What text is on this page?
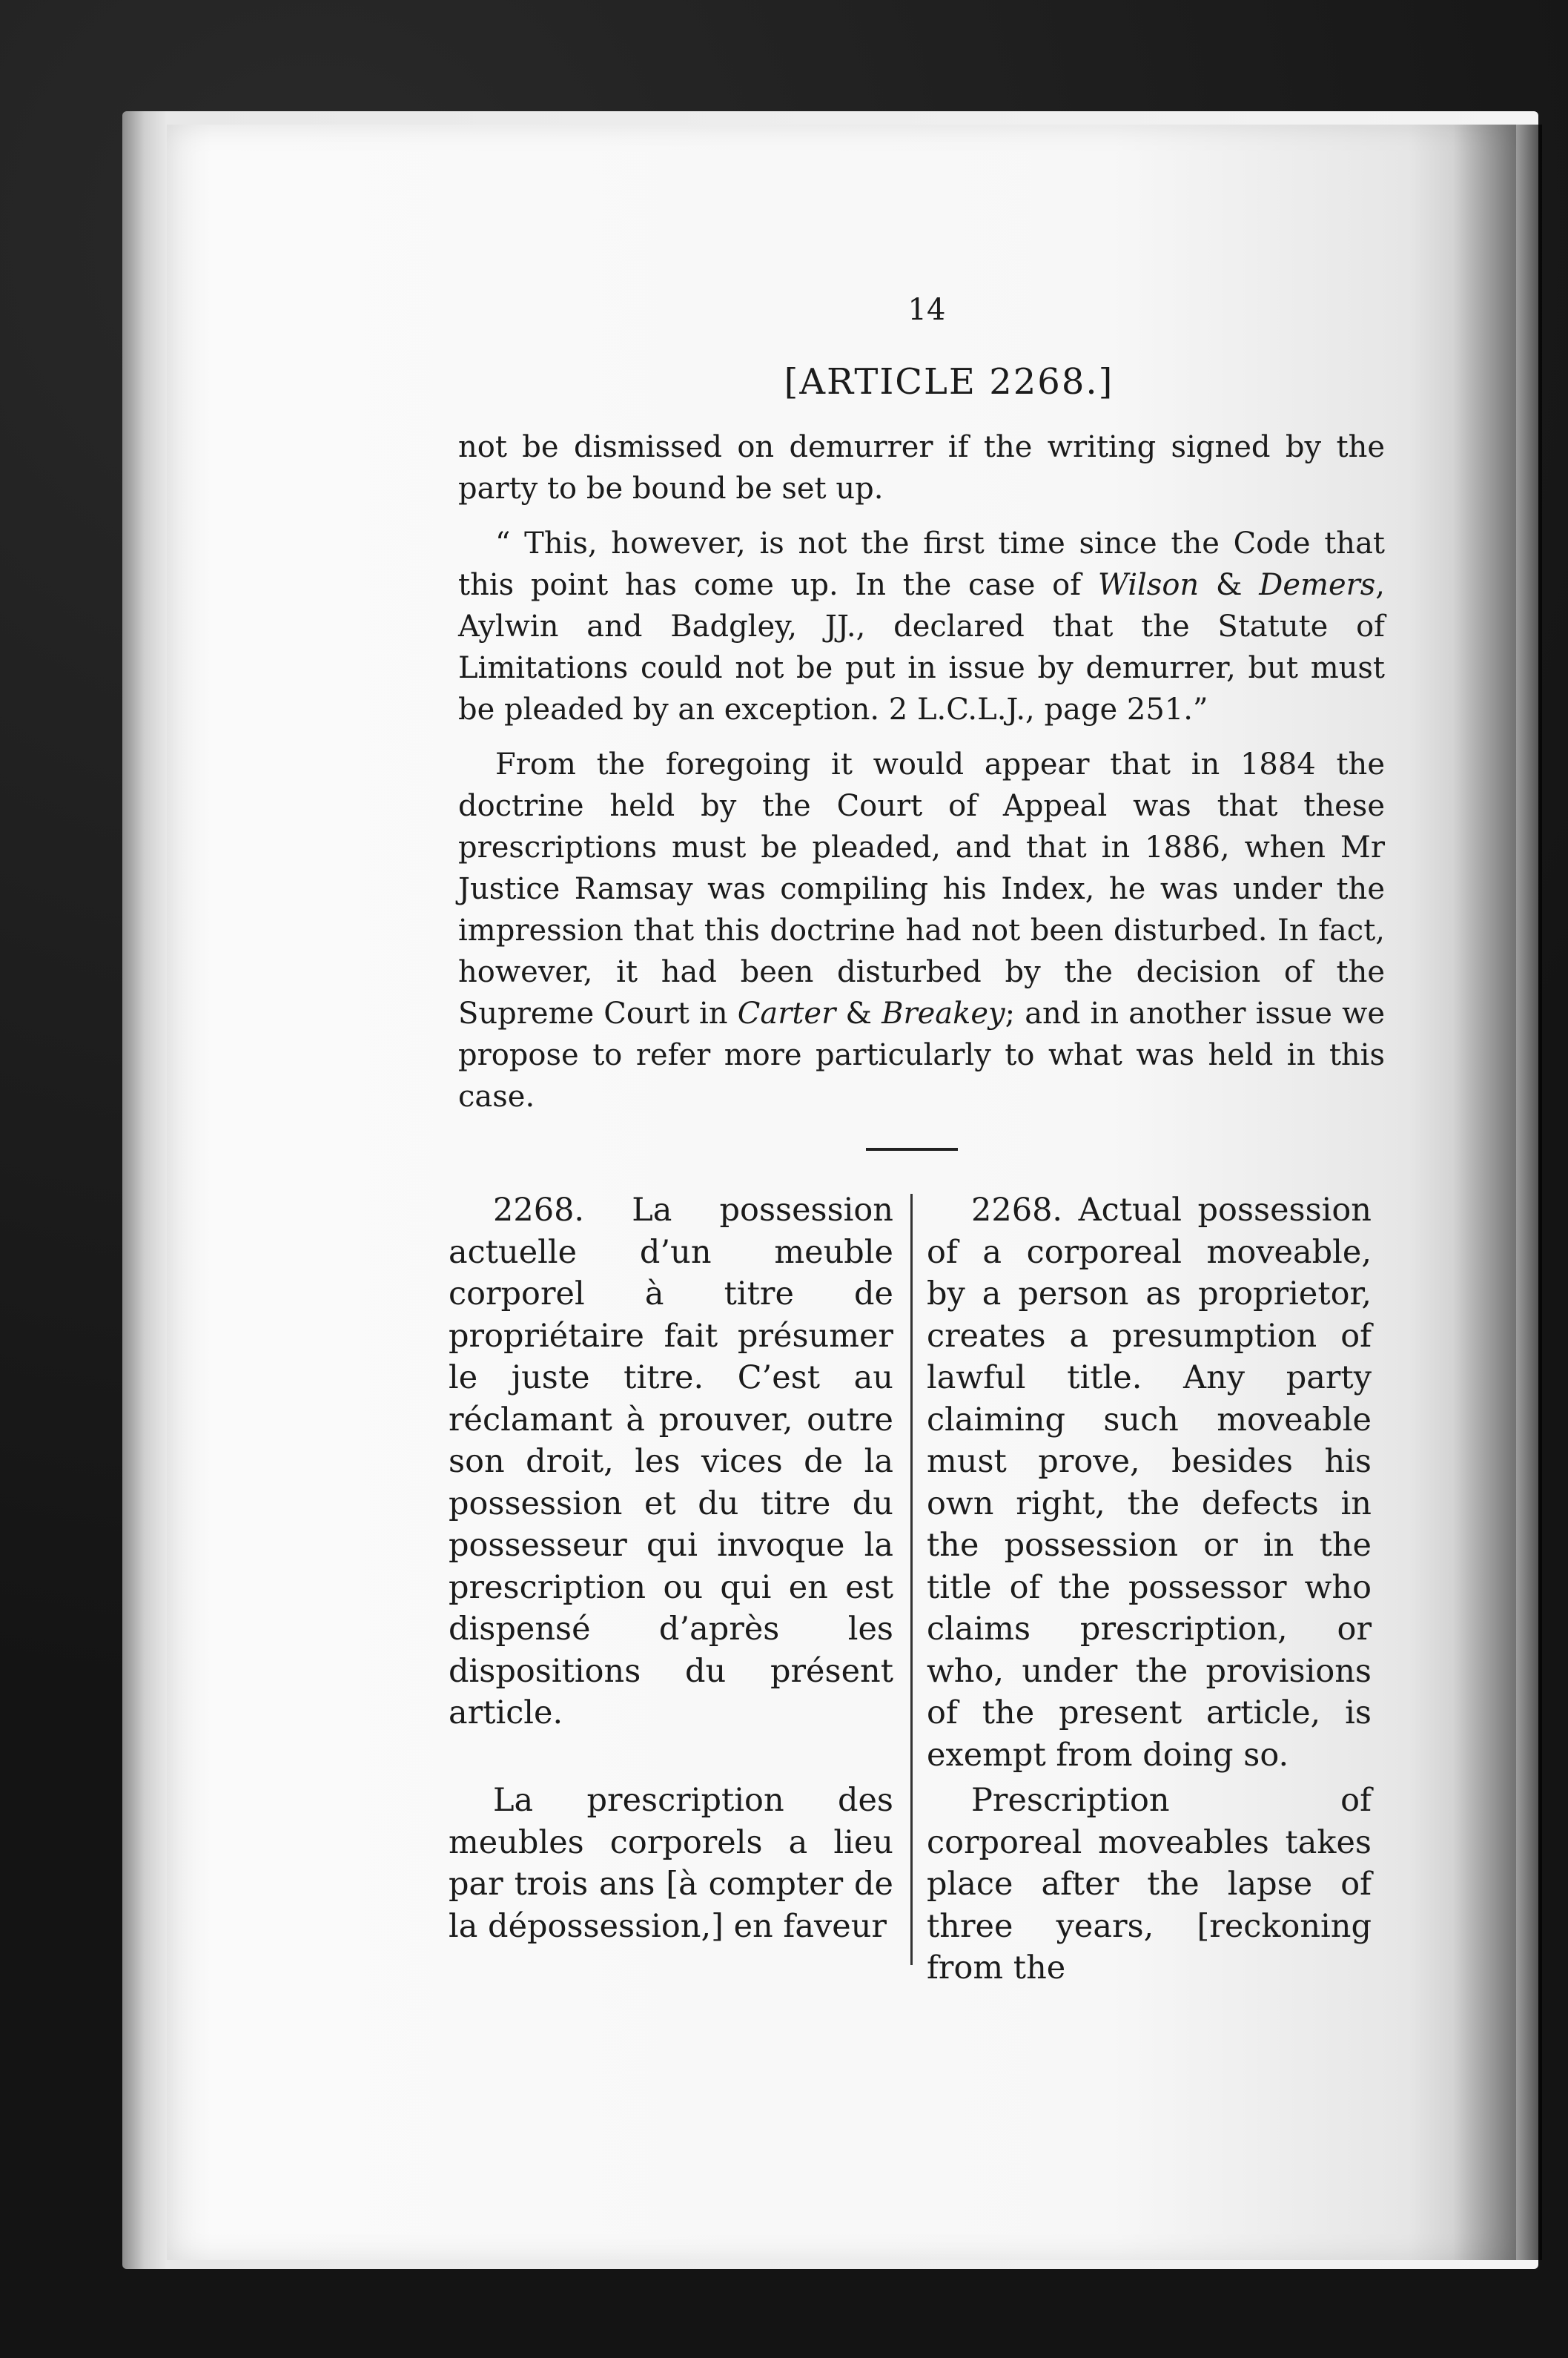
14
[ARTICLE 2268.]

not be dismissed on demurrer if the writing signed by the party to be bound be set up.

“ This, however, is not the first time since the Code that this point has come up. In the case of Wilson & Demers, Aylwin and Badgley, JJ., declared that the Statute of Limitations could not be put in issue by demurrer, but must be pleaded by an exception. 2 L.C.L.J., page 251.”

From the foregoing it would appear that in 1884 the doctrine held by the Court of Appeal was that these prescriptions must be pleaded, and that in 1886, when Mr Justice Ramsay was compiling his Index, he was under the impression that this doctrine had not been disturbed. In fact, however, it had been disturbed by the decision of the Supreme Court in Carter & Breakey; and in another issue we propose to refer more particularly to what was held in this case.

2268. La possession actuelle d’un meuble corporel à titre de propriétaire fait présumer le juste titre. C’est au réclamant à prouver, outre son droit, les vices de la possession et du titre du possesseur qui invoque la prescription ou qui en est dispensé d’après les dispositions du présent article.

2268. Actual possession of a corporeal moveable, by a person as proprietor, creates a presumption of lawful title. Any party claiming such moveable must prove, besides his own right, the defects in the possession or in the title of the possessor who claims prescription, or who, under the provisions of the present article, is exempt from doing so.

La prescription des meubles corporels a lieu par trois ans [à compter de la dépossession,] en faveur

Prescription of corporeal moveables takes place after the lapse of three years, [reckoning from the
